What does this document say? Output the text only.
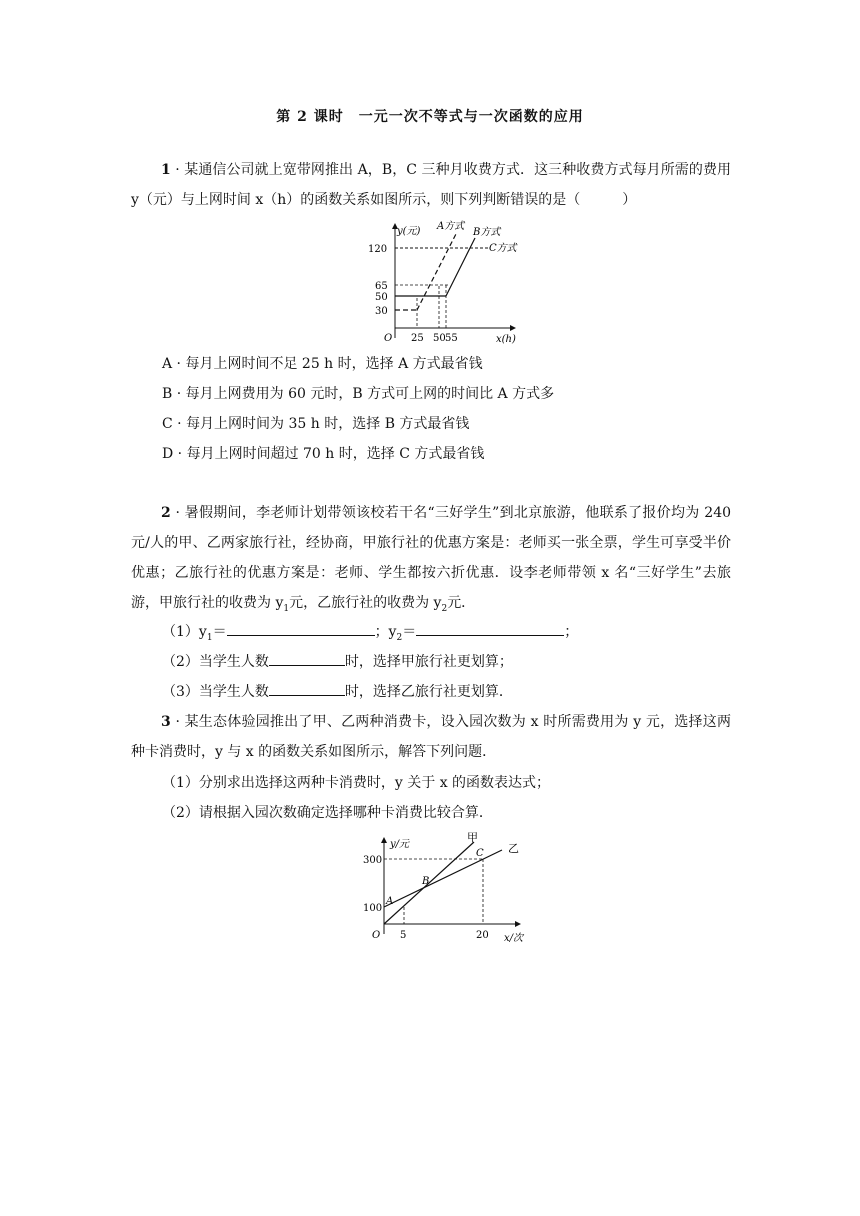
第 2 课时　一元一次不等式与一次函数的应用
1 · 某通信公司就上宽带网推出 A，B，C 三种月收费方式．这三种收费方式每月所需的费用 y（元）与上网时间 x（h）的函数关系如图所示，则下列判断错误的是（　　　）
y(元)
x(h)
O
120
65
50
30
25 50 55
A方式
B方式
C方式
A · 每月上网时间不足 25 h 时，选择 A 方式最省钱
B · 每月上网费用为 60 元时，B 方式可上网的时间比 A 方式多
C · 每月上网时间为 35 h 时，选择 B 方式最省钱
D · 每月上网时间超过 70 h 时，选择 C 方式最省钱
2 · 暑假期间，李老师计划带领该校若干名“三好学生”到北京旅游，他联系了报价均为 240 元/人的甲、乙两家旅行社，经协商，甲旅行社的优惠方案是：老师买一张全票，学生可享受半价优惠；乙旅行社的优惠方案是：老师、学生都按六折优惠．设李老师带领 x 名“三好学生”去旅游，甲旅行社的收费为 $y_1$元，乙旅行社的收费为 $y_2$元．
$(1)y_1=$	；$y_2=$	；
（2）当学生人数	时，选择甲旅行社更划算；
（3）当学生人数	时，选择乙旅行社更划算．
3 · 某生态体验园推出了甲、乙两种消费卡，设入园次数为 x 时所需费用为 y 元，选择这两种卡消费时，y 与 x 的函数关系如图所示，解答下列问题．
（1）分别求出选择这两种卡消费时，y 关于 x 的函数表达式；
（2）请根据入园次数确定选择哪种卡消费比较合算．
A
B
C
甲
乙
y/元
x/次
O
300
100
5	20
